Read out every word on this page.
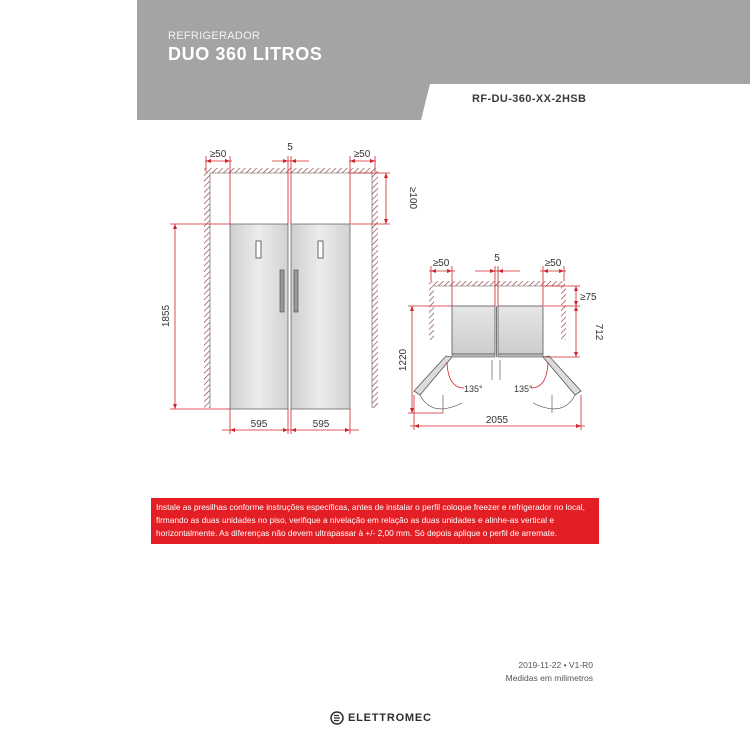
REFRIGERADOR
DUO 360 LITROS
RF-DU-360-XX-2HSB
≥50
5
≥50
≥100
1855
595	595
≥50	5	≥50
≥75
712
1220
135°	135°
2055
Instale as presilhas conforme instruções especificas, antes de instalar o perfil coloque freezer e refrigerador no local, firmando as duas unidades no piso, verifique a nivelação em relação as duas unidades e alinhe-as vertical e horizontalmente. As diferenças não devem ultrapassar à +/- 2,00 mm. Só depois aplique o perfil de arremate.
2019-11-22 • V1-R0
Medidas em milimetros
ELETTROMEC
